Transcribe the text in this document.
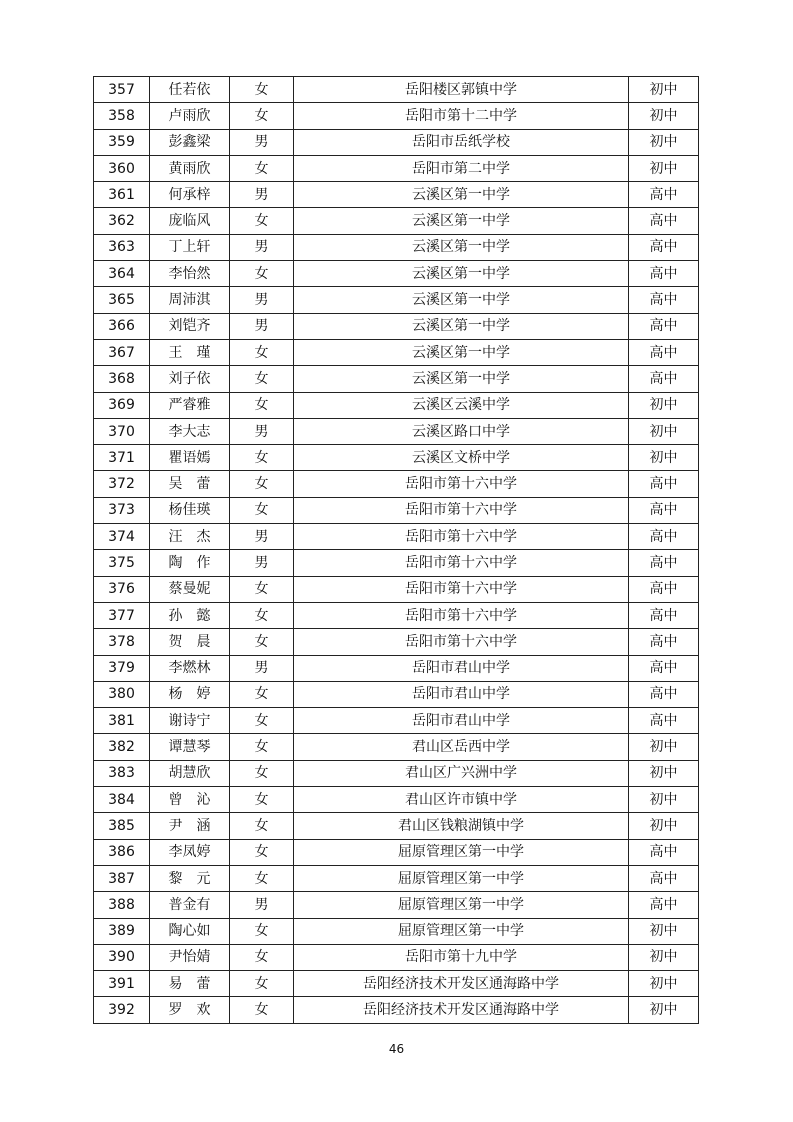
357	任若依	女	岳阳楼区郭镇中学	初中
358	卢雨欣	女	岳阳市第十二中学	初中
359	彭鑫梁	男	岳阳市岳纸学校	初中
360	黄雨欣	女	岳阳市第二中学	初中
361	何承梓	男	云溪区第一中学	高中
362	庞临风	女	云溪区第一中学	高中
363	丁上轩	男	云溪区第一中学	高中
364	李怡然	女	云溪区第一中学	高中
365	周沛淇	男	云溪区第一中学	高中
366	刘铠齐	男	云溪区第一中学	高中
367	王　瑾	女	云溪区第一中学	高中
368	刘子依	女	云溪区第一中学	高中
369	严睿雅	女	云溪区云溪中学	初中
370	李大志	男	云溪区路口中学	初中
371	瞿语嫣	女	云溪区文桥中学	初中
372	吴　蕾	女	岳阳市第十六中学	高中
373	杨佳瑛	女	岳阳市第十六中学	高中
374	汪　杰	男	岳阳市第十六中学	高中
375	陶　作	男	岳阳市第十六中学	高中
376	蔡曼妮	女	岳阳市第十六中学	高中
377	孙　懿	女	岳阳市第十六中学	高中
378	贺　晨	女	岳阳市第十六中学	高中
379	李燃林	男	岳阳市君山中学	高中
380	杨　婷	女	岳阳市君山中学	高中
381	谢诗宁	女	岳阳市君山中学	高中
382	谭慧琴	女	君山区岳西中学	初中
383	胡慧欣	女	君山区广兴洲中学	初中
384	曾　沁	女	君山区许市镇中学	初中
385	尹　涵	女	君山区钱粮湖镇中学	初中
386	李凤婷	女	屈原管理区第一中学	高中
387	黎　元	女	屈原管理区第一中学	高中
388	普金有	男	屈原管理区第一中学	高中
389	陶心如	女	屈原管理区第一中学	初中
390	尹怡婧	女	岳阳市第十九中学	初中
391	易　蕾	女	岳阳经济技术开发区通海路中学	初中
392	罗　欢	女	岳阳经济技术开发区通海路中学	初中
46
